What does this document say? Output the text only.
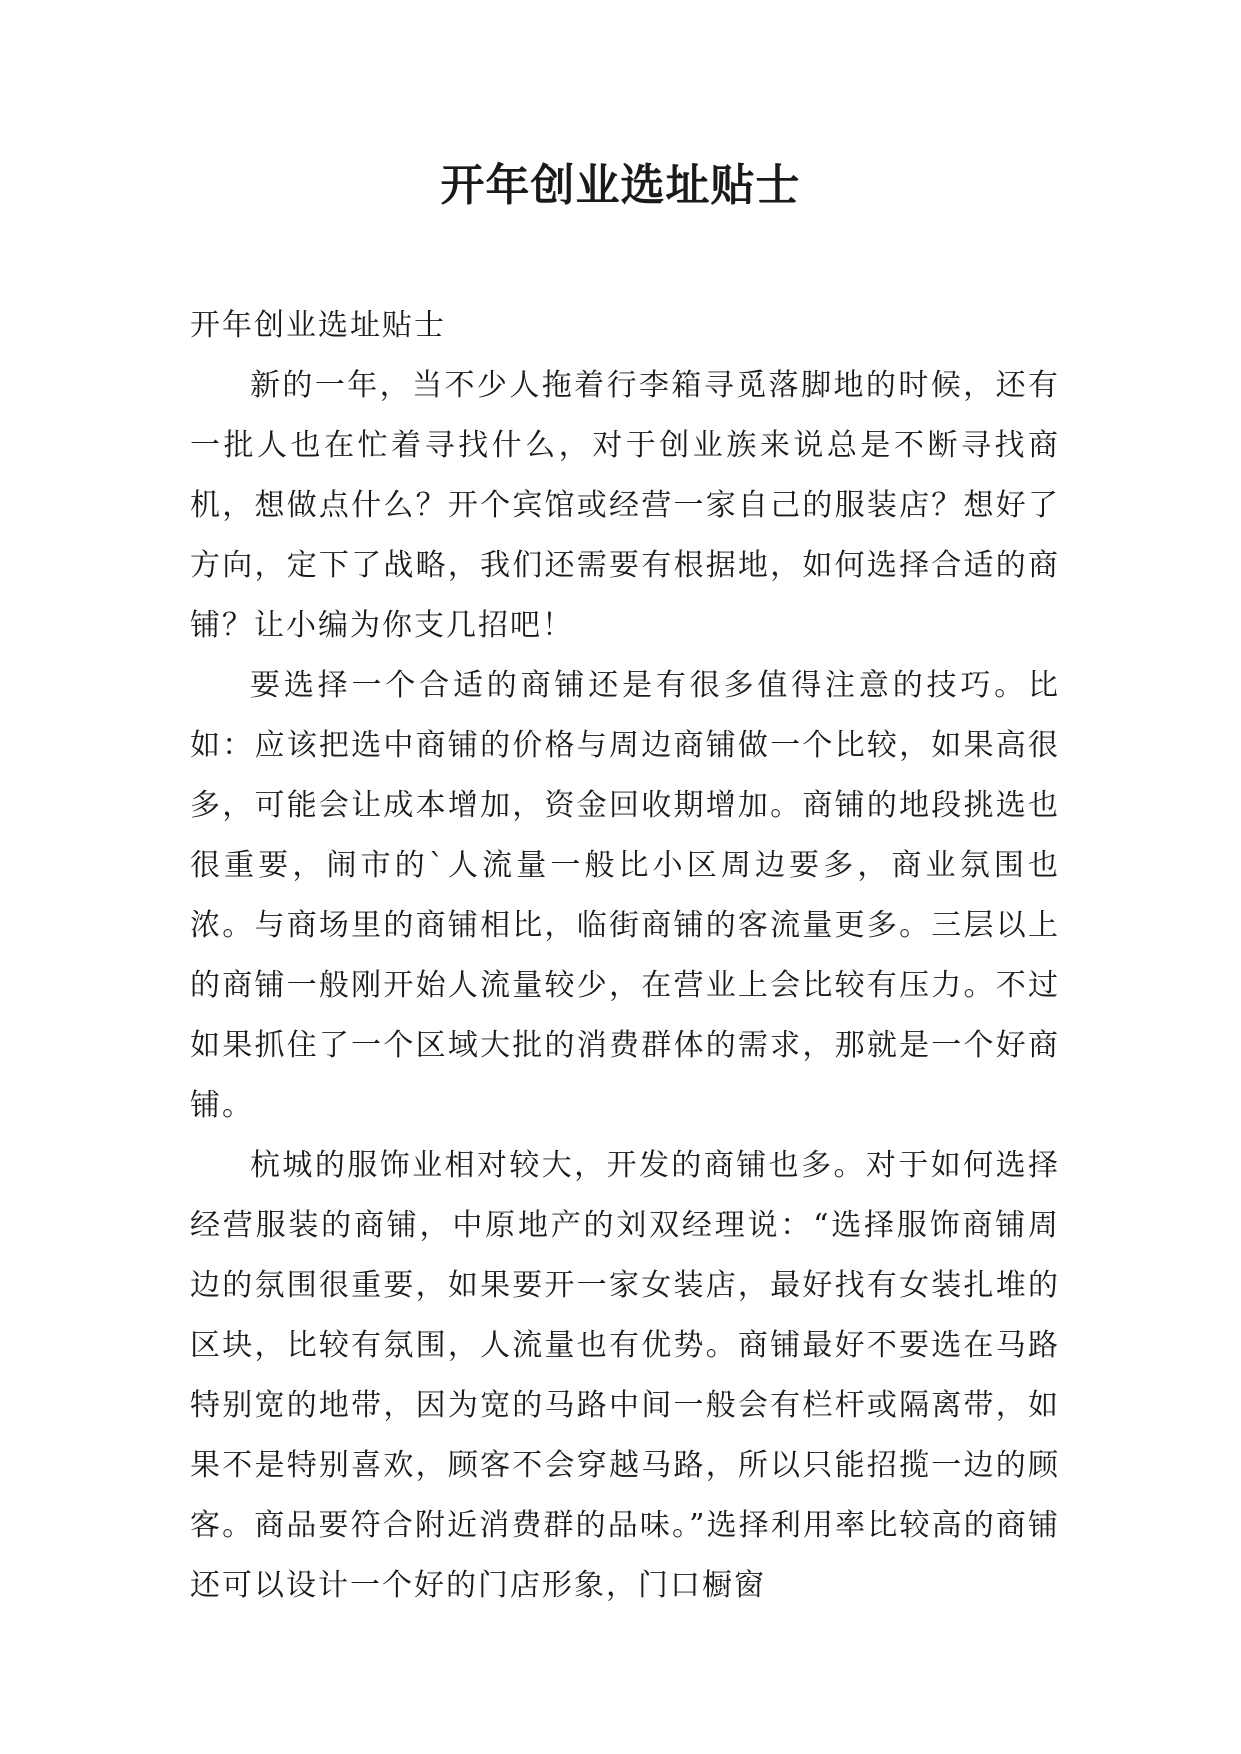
开年创业选址贴士

开年创业选址贴士

新的一年，当不少人拖着行李箱寻觅落脚地的时候，还有一批人也在忙着寻找什么，对于创业族来说总是不断寻找商机，想做点什么？开个宾馆或经营一家自己的服装店？想好了方向，定下了战略，我们还需要有根据地，如何选择合适的商铺？让小编为你支几招吧！

要选择一个合适的商铺还是有很多值得注意的技巧。比如：应该把选中商铺的价格与周边商铺做一个比较，如果高很多，可能会让成本增加，资金回收期增加。商铺的地段挑选也很重要，闹市的`人流量一般比小区周边要多，商业氛围也浓。与商场里的商铺相比，临街商铺的客流量更多。三层以上的商铺一般刚开始人流量较少，在营业上会比较有压力。不过如果抓住了一个区域大批的消费群体的需求，那就是一个好商铺。

杭城的服饰业相对较大，开发的商铺也多。对于如何选择经营服装的商铺，中原地产的刘双经理说：“选择服饰商铺周边的氛围很重要，如果要开一家女装店，最好找有女装扎堆的区块，比较有氛围，人流量也有优势。商铺最好不要选在马路特别宽的地带，因为宽的马路中间一般会有栏杆或隔离带，如果不是特别喜欢，顾客不会穿越马路，所以只能招揽一边的顾客。商品要符合附近消费群的品味。”选择利用率比较高的商铺还可以设计一个好的门店形象，门口橱窗
